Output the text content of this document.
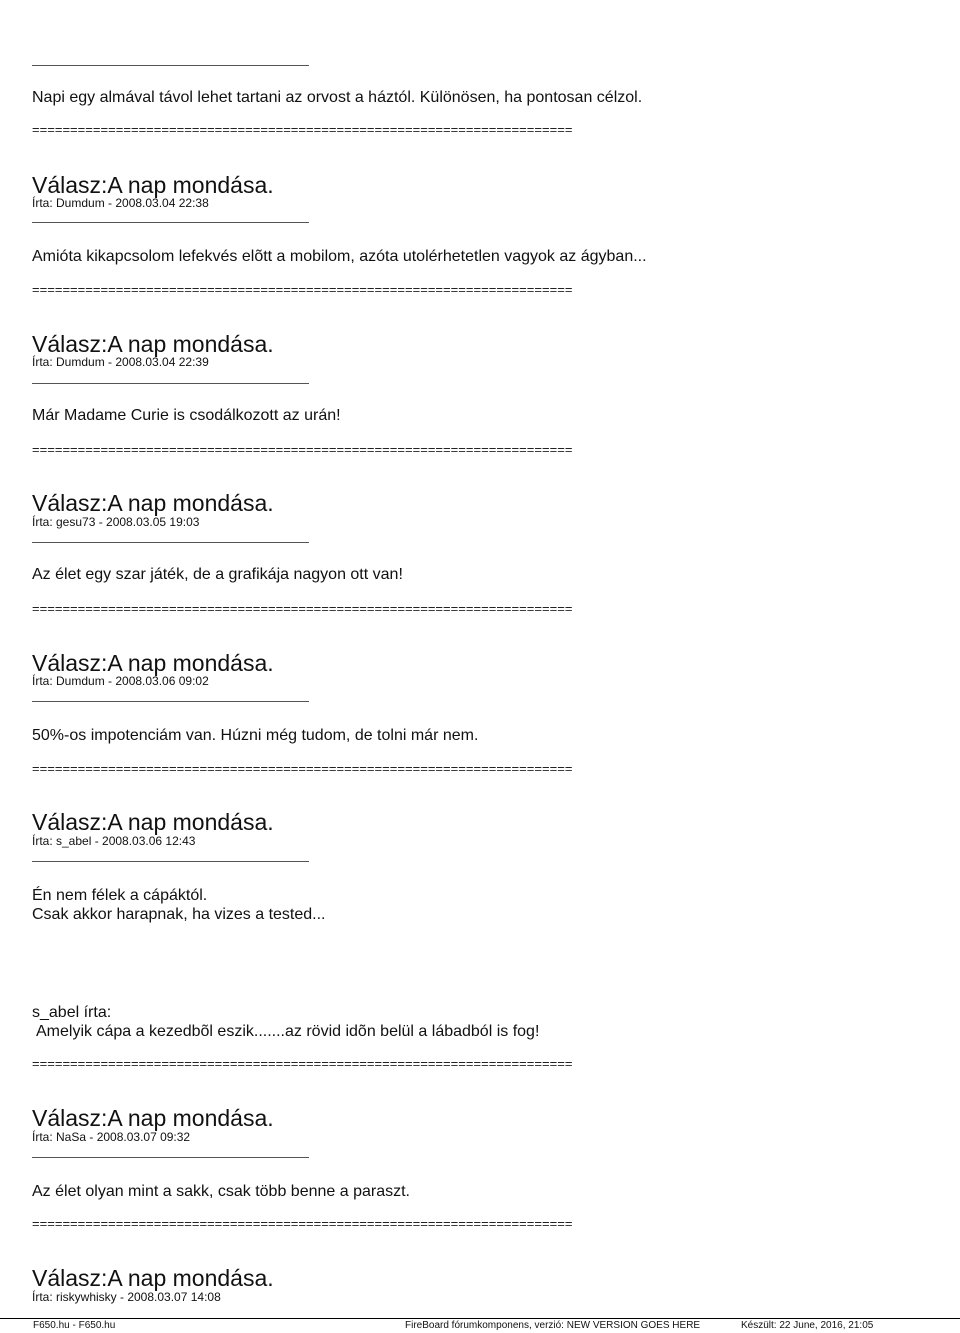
Napi egy almával távol lehet tartani az orvost a háztól. Különösen, ha pontosan célzol.
=======================================================================
Válasz:A nap mondása.
Írta: Dumdum - 2008.03.04 22:38
Amióta kikapcsolom lefekvés elõtt a mobilom, azóta utolérhetetlen vagyok az ágyban...
=======================================================================
Válasz:A nap mondása.
Írta: Dumdum - 2008.03.04 22:39
Már Madame Curie is csodálkozott az urán!
=======================================================================
Válasz:A nap mondása.
Írta: gesu73 - 2008.03.05 19:03
Az élet egy szar játék, de a grafikája nagyon ott van!
=======================================================================
Válasz:A nap mondása.
Írta: Dumdum - 2008.03.06 09:02
50%-os impotenciám van. Húzni még tudom, de tolni már nem.
=======================================================================
Válasz:A nap mondása.
Írta: s_abel - 2008.03.06 12:43
Én nem félek a cápáktól.
Csak akkor harapnak, ha vizes a tested...
s_abel írta:
Amelyik cápa a kezedbõl eszik.......az rövid idõn belül a lábadból is fog!
=======================================================================
Válasz:A nap mondása.
Írta: NaSa - 2008.03.07 09:32
Az élet olyan mint a sakk, csak több benne a paraszt.
=======================================================================
Válasz:A nap mondása.
Írta: riskywhisky - 2008.03.07 14:08
F650.hu - F650.hu	FireBoard fórumkomponens, verzió: NEW VERSION GOES HERE	Készült: 22 June, 2016, 21:05
